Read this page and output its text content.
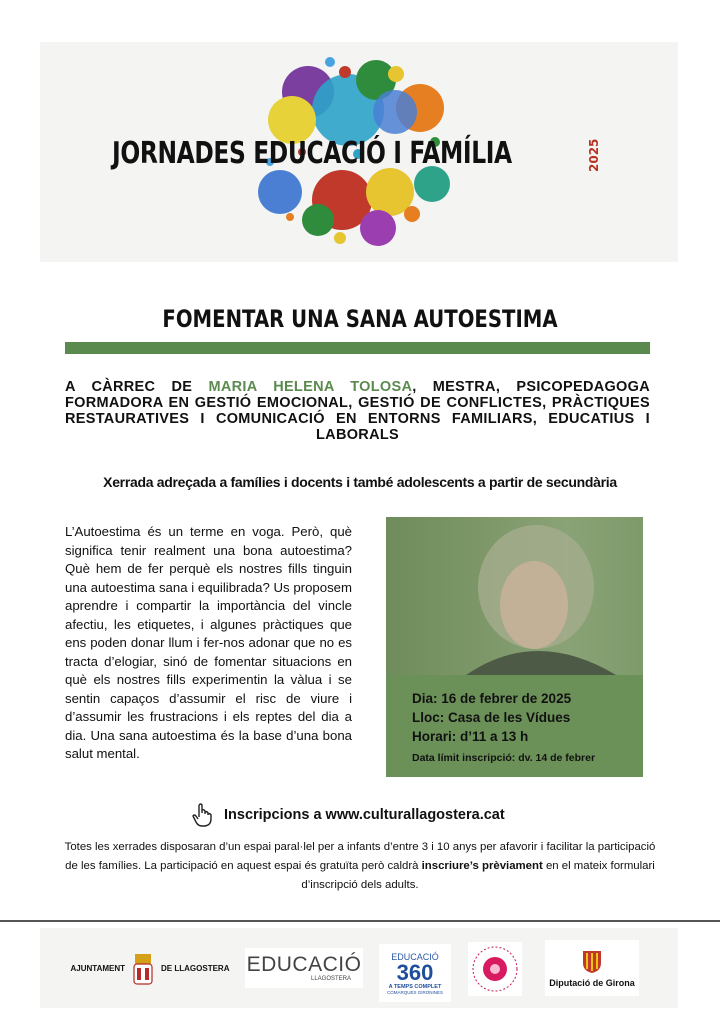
JORNADES EDUCACIÓ I FAMÍLIA	2025
FOMENTAR UNA SANA AUTOESTIMA
A CÀRREC DE MARIA HELENA TOLOSA, MESTRA, PSICOPEDAGOGA FORMADORA EN GESTIÓ EMOCIONAL, GESTIÓ DE CONFLICTES, PRÀCTIQUES RESTAURATIVES I COMUNICACIÓ EN ENTORNS FAMILIARS, EDUCATIUS I LABORALS
Xerrada adreçada a famílies i docents i també adolescents a partir de secundària
L’Autoestima és un terme en voga. Però, què significa tenir realment una bona autoestima? Què hem de fer perquè els nostres fills tinguin una autoestima sana i equilibrada? Us proposem aprendre i compartir la importància del vincle afectiu, les etiquetes, i algunes pràctiques que ens poden donar llum i fer-nos adonar que no es tracta d’elogiar, sinó de fomentar situacions en què els nostres fills experimentin la vàlua i se sentin capaços d’assumir el risc de viure i d’assumir les frustracions i els reptes del dia a dia. Una sana autoestima és la base d’una bona salut mental.
Dia: 16 de febrer de 2025
Lloc: Casa de les Vídues
Horari: d’11 a 13 h
Data límit inscripció: dv. 14 de febrer
Inscripcions a www.culturallagostera.cat
Totes les xerrades disposaran d’un espai paral·lel per a infants d’entre 3 i 10 anys per afavorir i facilitar la participació de les famílies. La participació en aquest espai és gratuïta però caldrà inscriure’s prèviament en el mateix formulari d’inscripció dels adults.
AJUNTAMENT	DE LLAGOSTERA EDUCACIÓ
LLAGOSTERA
EDUCACIÓ
360
A TEMPS COMPLET
COMARQUES GIRONINES
Diputació de Girona
